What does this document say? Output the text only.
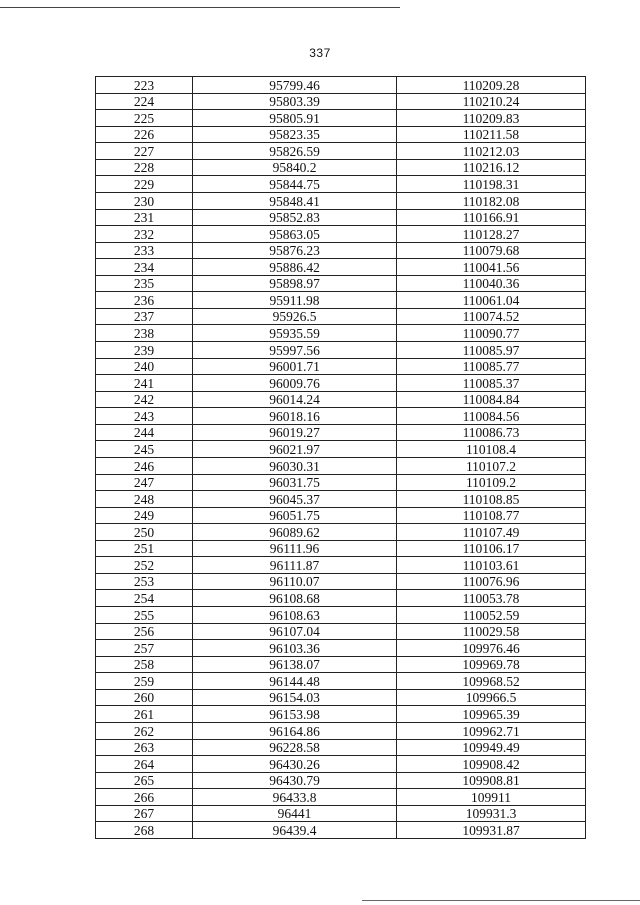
337
223	95799.46	110209.28
224	95803.39	110210.24
225	95805.91	110209.83
226	95823.35	110211.58
227	95826.59	110212.03
228	95840.2	110216.12
229	95844.75	110198.31
230	95848.41	110182.08
231	95852.83	110166.91
232	95863.05	110128.27
233	95876.23	110079.68
234	95886.42	110041.56
235	95898.97	110040.36
236	95911.98	110061.04
237	95926.5	110074.52
238	95935.59	110090.77
239	95997.56	110085.97
240	96001.71	110085.77
241	96009.76	110085.37
242	96014.24	110084.84
243	96018.16	110084.56
244	96019.27	110086.73
245	96021.97	110108.4
246	96030.31	110107.2
247	96031.75	110109.2
248	96045.37	110108.85
249	96051.75	110108.77
250	96089.62	110107.49
251	96111.96	110106.17
252	96111.87	110103.61
253	96110.07	110076.96
254	96108.68	110053.78
255	96108.63	110052.59
256	96107.04	110029.58
257	96103.36	109976.46
258	96138.07	109969.78
259	96144.48	109968.52
260	96154.03	109966.5
261	96153.98	109965.39
262	96164.86	109962.71
263	96228.58	109949.49
264	96430.26	109908.42
265	96430.79	109908.81
266	96433.8	109911
267	96441	109931.3
268	96439.4	109931.87
